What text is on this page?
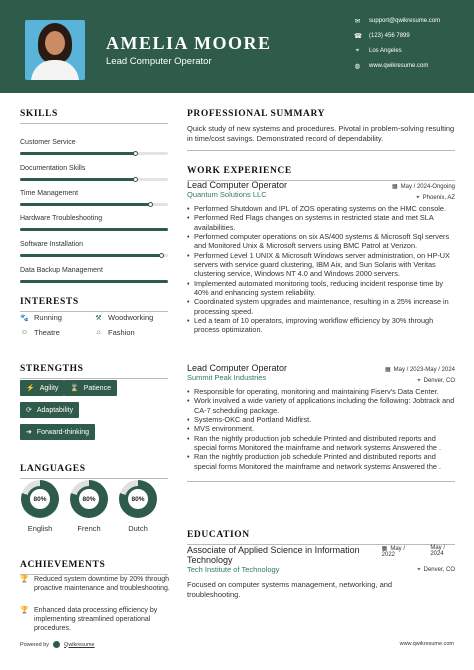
AMELIA MOORE
Lead Computer Operator
✉ support@qwikresume.com
☎ (123) 456 7899
⌖ Los Angeles
◍ www.qwikresume.com
SKILLS
Customer Service
Documentation Skills
Time Management
Hardware Troubleshooting
Software Installation
Data Backup Management
INTERESTS
🐾 Running	⚒ Woodworking
☺ Theatre	⌂ Fashion
STRENGTHS
⚡ Agility ⌛ Patience
⟳ Adaptability
➜ Forward-thinking
LANGUAGES
80%
English
80%
French
80%
Dutch
ACHIEVEMENTS
🏆 Reduced system downtime by 20% through proactive maintenance and troubleshooting.
🏆 Enhanced data processing efficiency by implementing streamlined operational procedures.
PROFESSIONAL SUMMARY
Quick study of new systems and procedures. Pivotal in problem-solving resulting in time/cost savings. Demonstrated record of dependability.
WORK EXPERIENCE
Lead Computer Operator
Quantum Solutions LLC
▦ May / 2024-Ongoing
⌖ Phoenix, AZ
• Performed Shutdown and IPL of ZOS operating systems on the HMC console.
• Performed Red Flags changes on systems in restricted state and met SLA availabilities.
• Performed computer operations on six AS/400 systems & Microsoft Sql servers and Monitored Unix & Microsoft servers using BMC Patrol at Verizon.
• Performed Level 1 UNIX & Microsoft Windows server administration, on HP-UX servers with service guard clustering, IBM Aix, and Sun Solaris with Veritas clustering service, Windows NT 4.0 and Windows 2000 servers.
• Implemented automated monitoring tools, reducing incident response time by 40% and enhancing system reliability.
• Coordinated system upgrades and maintenance, resulting in a 25% increase in processing speed.
• Led a team of 10 operators, improving workflow efficiency by 30% through process optimization.
Lead Computer Operator
Summit Peak Industries
▦ May / 2023-May / 2024
⌖ Denver, CO
• Responsible for operating, monitoring and maintaining Fiserv's Data Center.
• Work involved a wide variety of applications including the following: Jobtrack and CA-7 scheduling package.
• Systems-OKC and Portland Midfirst.
• MVS environment.
• Ran the nightly production job schedule Printed and distributed reports and special forms Monitored the mainframe and network systems Answered the .
• Ran the nightly production job schedule Printed and distributed reports and special forms Monitored the mainframe and network systems Answered the .
EDUCATION
Associate of Applied Science in Information Technology
Tech Institute of Technology
▦ May /
2022
May /
2024
⌖ Denver, CO
Focused on computer systems management, networking, and troubleshooting.
Powered by	Qwikresume	www.qwikresume.com
